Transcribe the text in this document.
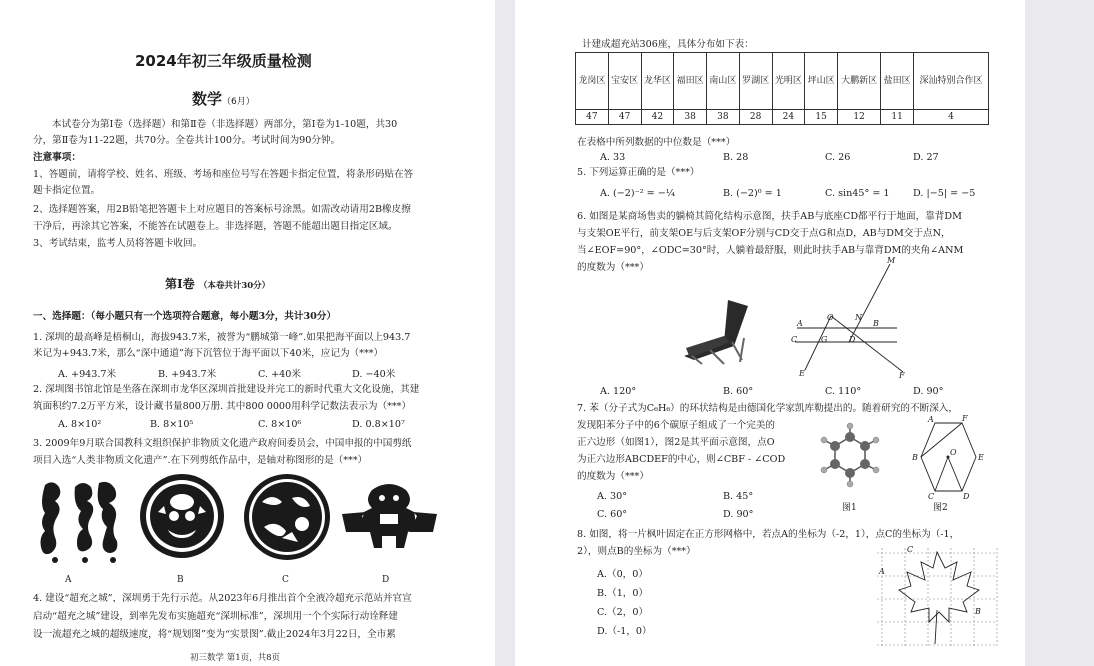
2024年初三年级质量检测
数学（6月）
本试卷分为第Ⅰ卷（选择题）和第Ⅱ卷（非选择题）两部分，第Ⅰ卷为1-10题，共30
分，第Ⅱ卷为11-22题，共70分。全卷共计100分。考试时间为90分钟。
注意事项：
1、答题前，请将学校、姓名、班级、考场和座位号写在答题卡指定位置，将条形码贴在答
题卡指定位置。
2、选择题答案，用2B铅笔把答题卡上对应题目的答案标号涂黑。如需改动请用2B橡皮擦
干净后，再涂其它答案，不能答在试题卷上。非选择题，答题不能超出题目指定区域。
3、考试结束，监考人员将答题卡收回。
第Ⅰ卷 （本卷共计30分）
一、选择题：（每小题只有一个选项符合题意，每小题3分，共计30分）
1. 深圳的最高峰是梧桐山，海拔943.7米，被誉为“鹏城第一峰”.如果把海平面以上943.7
米记为+943.7米，那么“深中通道”海下沉管位于海平面以下40米，应记为（***）
A. +943.7米	B. +943.7米	C. +40米	D. −40米
2. 深圳图书馆北馆是坐落在深圳市龙华区深圳首批建设并完工的新时代重大文化设施，其建
筑面积约7.2万平方米，设计藏书量800万册. 其中800 0000用科学记数法表示为（***）
A. 8×10²	B. 8×10⁵	C. 8×10⁶	D. 0.8×10⁷
3. 2009年9月联合国教科文组织保护非物质文化遗产政府间委员会，中国申报的中国剪纸
项目入选“人类非物质文化遗产”.在下列剪纸作品中，是轴对称图形的是（***）
A	B	C	D
4. 建设“超充之城”，深圳勇于先行示范。从2023年6月推出首个全液冷超充示范站并官宣
启动“超充之城”建设，到率先发布实施超充“深圳标准”，深圳用一个个实际行动诠释建
设一流超充之城的超级速度，将“规划图”变为“实景图”.截止2024年3月22日，全市累
初三数学 第1页，共8页
计建成超充站306座，具体分布如下表：
龙岗区	宝安区	龙华区	福田区	南山区	罗湖区	光明区	坪山区	大鹏新区	盐田区	深汕特别合作区
47	47	42	38	38	28	24	15	12	11	4
在表格中所列数据的中位数是（***）
A. 33	B. 28	C. 26	D. 27
5. 下列运算正确的是（***）
A. (−2)⁻² = −¼	B. (−2)⁰ = 1	C. sin45° = 1 D. |−5| = −5
6. 如图是某商场售卖的躺椅其简化结构示意图，扶手AB与底座CD都平行于地面，靠背DM
与支架OE平行，前支架OE与后支架OF分别与CD交于点G和点D，AB与DM交于点N，
当∠EOF=90°，∠ODC=30°时，人躺着最舒服，则此时扶手AB与靠背DM的夹角∠ANM
的度数为（***）
M
A
O	N
B
C	G	D
E	F
A. 120°	B. 60°	C. 110°	D. 90°
7. 苯（分子式为C₆H₆）的环状结构是由德国化学家凯库勒提出的。随着研究的不断深入，
发现阳苯分子中的6个碳原子组成了一个完美的
正六边形（如图1），图2是其平面示意图，点O
为正六边形ABCDEF的中心，则∠CBF - ∠COD
的度数为（***）
A. 30°	B. 45°
C. 60°	D. 90°
图1
A	F
B
O
E
C	D
图2
8. 如图，将一片枫叶固定在正方形网格中，若点A的坐标为（-2，1），点C的坐标为（-1，
2），则点B的坐标为（***）
A.（0，0）
B.（1，0）
C.（2，0）
D.（-1，0）
A
C
B
